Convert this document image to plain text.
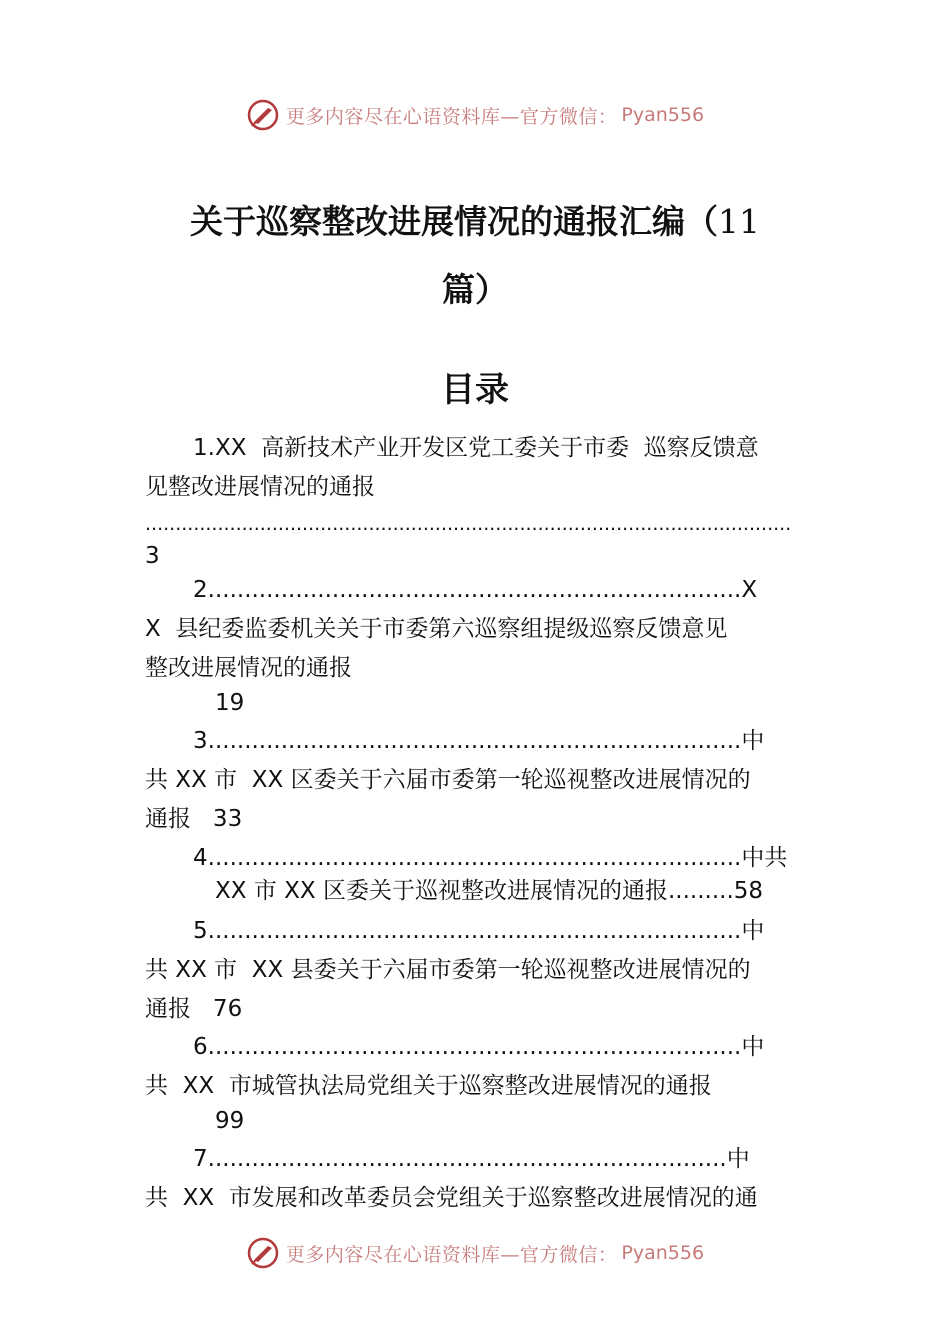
更多内容尽在心语资料库—官方微信： Pyan556
关于巡察整改进展情况的通报汇编（11
篇）
目录
1.XX  高新技术产业开发区党工委关于市委  巡察反馈意
见整改进展情况的通报
...........................................................................................................
3
2.........................................................................X
X  县纪委监委机关关于市委第六巡察组提级巡察反馈意见
整改进展情况的通报
19
3.........................................................................中
共 XX 市  XX 区委关于六届市委第一轮巡视整改进展情况的
通报   33
4.........................................................................中共
XX 市 XX 区委关于巡视整改进展情况的通报.........58
5.........................................................................中
共 XX 市  XX 县委关于六届市委第一轮巡视整改进展情况的
通报   76
6.........................................................................中
共  XX  市城管执法局党组关于巡察整改进展情况的通报
99
7.......................................................................中
共  XX  市发展和改革委员会党组关于巡察整改进展情况的通
更多内容尽在心语资料库—官方微信： Pyan556
